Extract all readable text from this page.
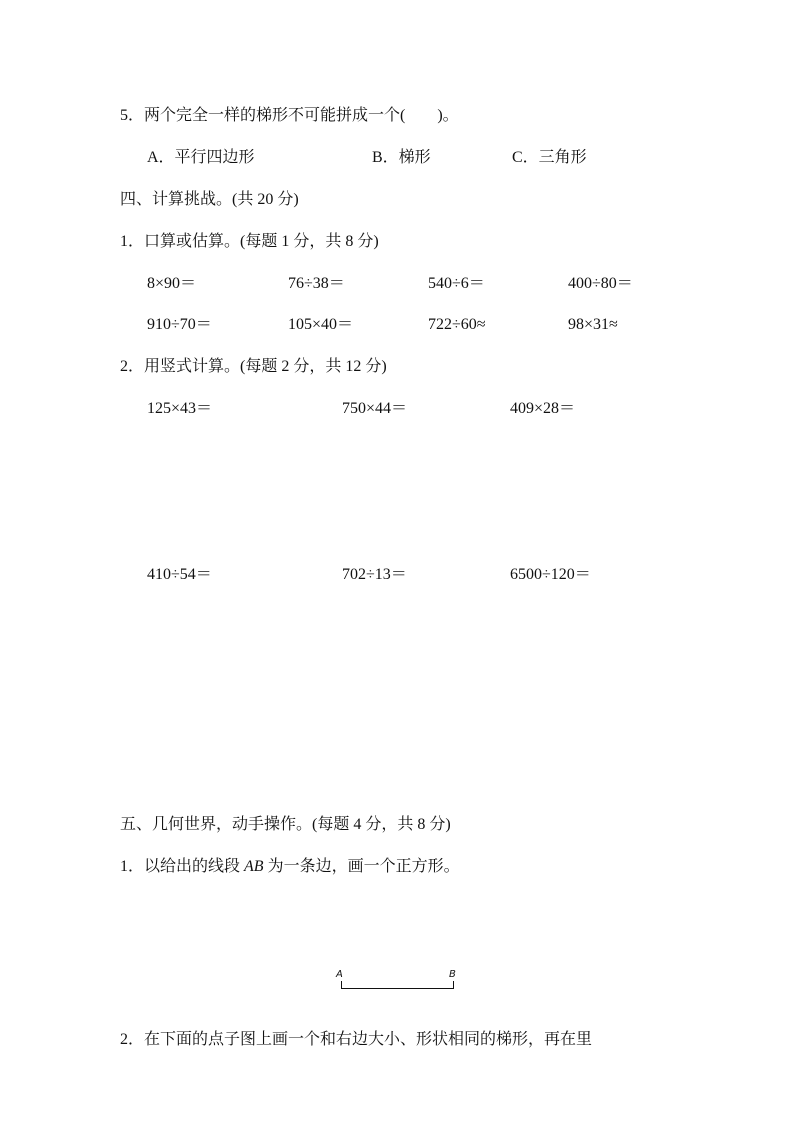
5．两个完全一样的梯形不可能拼成一个(　　)。
A．平行四边形	B．梯形	C．三角形
四、计算挑战。(共 20 分)
1．口算或估算。(每题 1 分，共 8 分)
8×90＝	76÷38＝	540÷6＝	400÷80＝
910÷70＝	105×40＝	722÷60≈	98×31≈
2．用竖式计算。(每题 2 分，共 12 分)
125×43＝	750×44＝	409×28＝
410÷54＝	702÷13＝	6500÷120＝
五、几何世界，动手操作。(每题 4 分，共 8 分)
1．以给出的线段 AB 为一条边，画一个正方形。
A	B
2．在下面的点子图上画一个和右边大小、形状相同的梯形，再在里
